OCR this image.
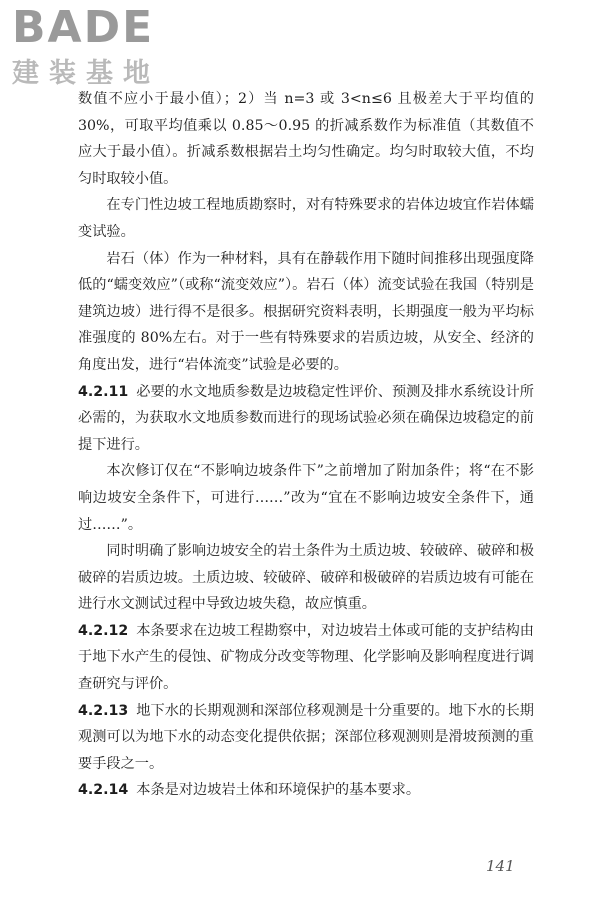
BADE
建装基地

数值不应小于最小值）；2）当 n=3 或 3<n≤6 且极差大于平均值的 30%，可取平均值乘以 0.85～0.95 的折减系数作为标准值（其数值不应大于最小值）。折减系数根据岩土均匀性确定。均匀时取较大值，不均匀时取较小值。

在专门性边坡工程地质勘察时，对有特殊要求的岩体边坡宜作岩体蠕变试验。

岩石（体）作为一种材料，具有在静载作用下随时间推移出现强度降低的“蠕变效应”（或称“流变效应”）。岩石（体）流变试验在我国（特别是建筑边坡）进行得不是很多。根据研究资料表明，长期强度一般为平均标准强度的 80%左右。对于一些有特殊要求的岩质边坡，从安全、经济的角度出发，进行“岩体流变”试验是必要的。

4.2.11 必要的水文地质参数是边坡稳定性评价、预测及排水系统设计所必需的，为获取水文地质参数而进行的现场试验必须在确保边坡稳定的前提下进行。

本次修订仅在“不影响边坡条件下”之前增加了附加条件；将“在不影响边坡安全条件下，可进行……”改为“宜在不影响边坡安全条件下，通过……”。

同时明确了影响边坡安全的岩土条件为土质边坡、较破碎、破碎和极破碎的岩质边坡。土质边坡、较破碎、破碎和极破碎的岩质边坡有可能在进行水文测试过程中导致边坡失稳，故应慎重。

4.2.12 本条要求在边坡工程勘察中，对边坡岩土体或可能的支护结构由于地下水产生的侵蚀、矿物成分改变等物理、化学影响及影响程度进行调查研究与评价。

4.2.13 地下水的长期观测和深部位移观测是十分重要的。地下水的长期观测可以为地下水的动态变化提供依据；深部位移观测则是滑坡预测的重要手段之一。

4.2.14 本条是对边坡岩土体和环境保护的基本要求。

141
